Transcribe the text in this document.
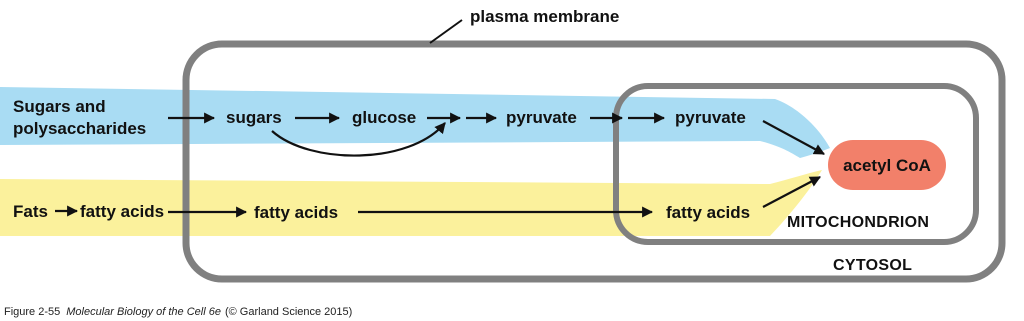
plasma membrane
Sugars and
polysaccharides
sugars	glucose	pyruvate	pyruvate
acetyl CoA
Fats fatty acids	fatty acids	fatty acids
MITOCHONDRION
CYTOSOL
Figure 2-55 Molecular Biology of the Cell 6e (© Garland Science 2015)
